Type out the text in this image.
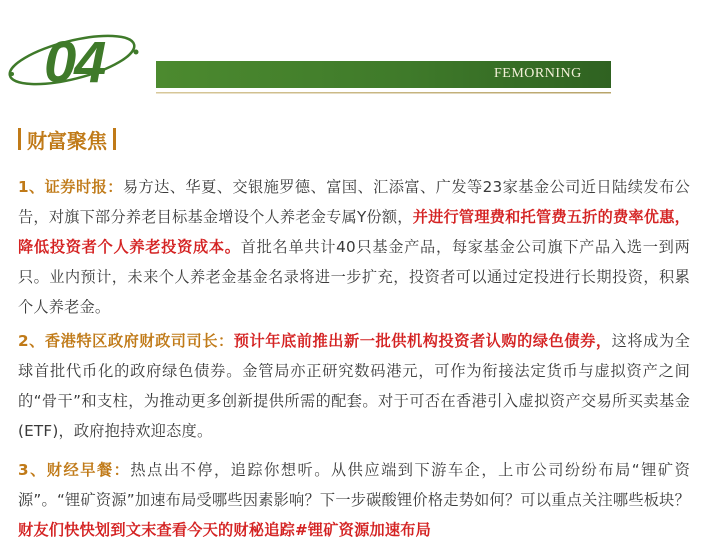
04	FEMORNING
财富聚焦

1、证券时报：易方达、华夏、交银施罗德、富国、汇添富、广发等23家基金公司近日陆续发布公告，对旗下部分养老目标基金增设个人养老金专属Y份额，并进行管理费和托管费五折的费率优惠，降低投资者个人养老投资成本。首批名单共计40只基金产品，每家基金公司旗下产品入选一到两只。业内预计，未来个人养老金基金名录将进一步扩充，投资者可以通过定投进行长期投资，积累个人养老金。

2、香港特区政府财政司司长：预计年底前推出新一批供机构投资者认购的绿色债券，这将成为全球首批代币化的政府绿色债券。金管局亦正研究数码港元，可作为衔接法定货币与虚拟资产之间的“骨干”和支柱，为推动更多创新提供所需的配套。对于可否在香港引入虚拟资产交易所买卖基金(ETF)，政府抱持欢迎态度。

3、财经早餐：热点出不停，追踪你想听。从供应端到下游车企，上市公司纷纷布局“锂矿资源”。“锂矿资源”加速布局受哪些因素影响？下一步碳酸锂价格走势如何？可以重点关注哪些板块？财友们快快划到文末查看今天的财秘追踪#锂矿资源加速布局
